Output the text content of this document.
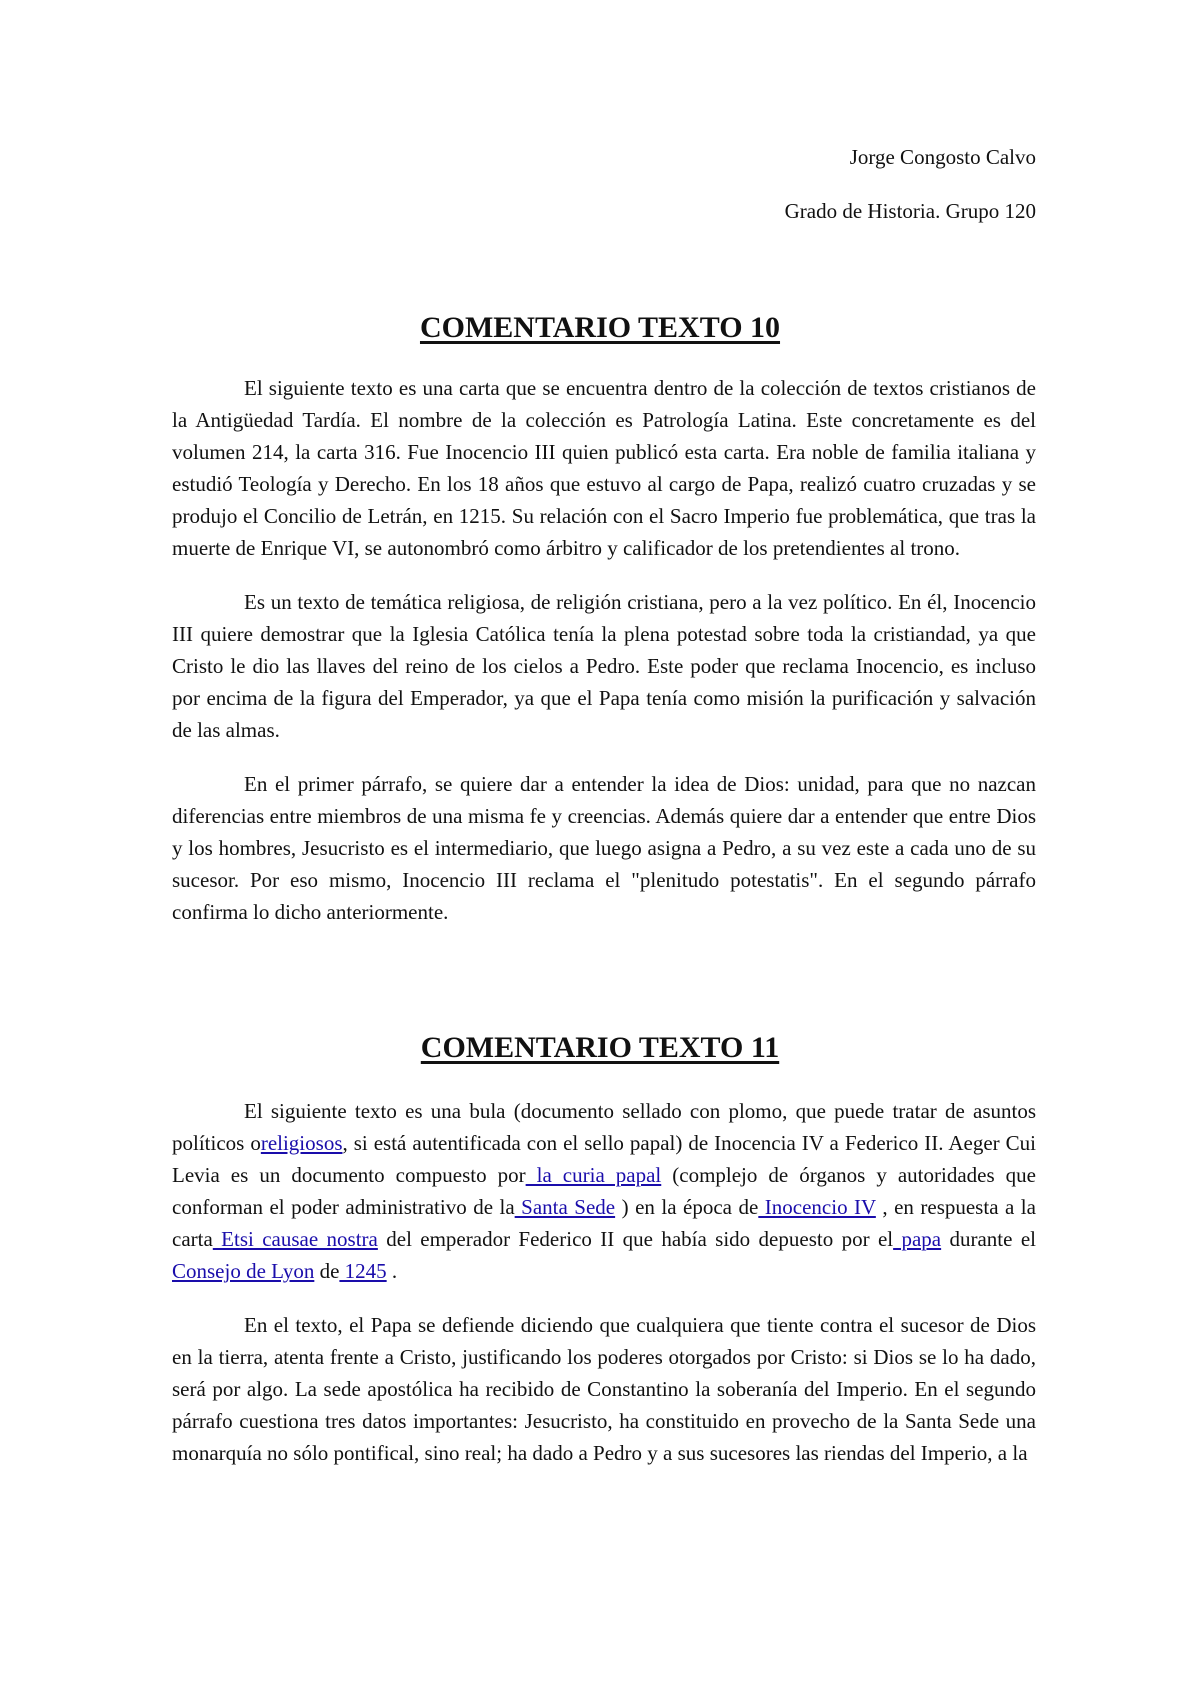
Jorge Congosto Calvo
Grado de Historia. Grupo 120
COMENTARIO TEXTO 10

El siguiente texto es una carta que se encuentra dentro de la colección de textos cristianos de la Antigüedad Tardía. El nombre de la colección es Patrología Latina. Este concretamente es del volumen 214, la carta 316. Fue Inocencio III quien publicó esta carta. Era noble de familia italiana y estudió Teología y Derecho. En los 18 años que estuvo al cargo de Papa, realizó cuatro cruzadas y se produjo el Concilio de Letrán, en 1215. Su relación con el Sacro Imperio fue problemática, que tras la muerte de Enrique VI, se autonombró como árbitro y calificador de los pretendientes al trono.

Es un texto de temática religiosa, de religión cristiana, pero a la vez político. En él, Inocencio III quiere demostrar que la Iglesia Católica tenía la plena potestad sobre toda la cristiandad, ya que Cristo le dio las llaves del reino de los cielos a Pedro. Este poder que reclama Inocencio, es incluso por encima de la figura del Emperador, ya que el Papa tenía como misión la purificación y salvación de las almas.

En el primer párrafo, se quiere dar a entender la idea de Dios: unidad, para que no nazcan diferencias entre miembros de una misma fe y creencias. Además quiere dar a entender que entre Dios y los hombres, Jesucristo es el intermediario, que luego asigna a Pedro, a su vez este a cada uno de su sucesor. Por eso mismo, Inocencio III reclama el "plenitudo potestatis". En el segundo párrafo confirma lo dicho anteriormente.

COMENTARIO TEXTO 11

El siguiente texto es una bula (documento sellado con plomo, que puede tratar de asuntos políticos oreligiosos, si está autentificada con el sello papal) de Inocencia IV a Federico II. Aeger Cui Levia es un documento compuesto por la curia papal (complejo de órganos y autoridades que conforman el poder administrativo de la Santa Sede ) en la época de Inocencio IV , en respuesta a la carta Etsi causae nostra del emperador Federico II que había sido depuesto por el papa durante el Consejo de Lyon de 1245 .

En el texto, el Papa se defiende diciendo que cualquiera que tiente contra el sucesor de Dios en la tierra, atenta frente a Cristo, justificando los poderes otorgados por Cristo: si Dios se lo ha dado, será por algo. La sede apostólica ha recibido de Constantino la soberanía del Imperio. En el segundo párrafo cuestiona tres datos importantes: Jesucristo, ha constituido en provecho de la Santa Sede una monarquía no sólo pontifical, sino real; ha dado a Pedro y a sus sucesores las riendas del Imperio, a la
